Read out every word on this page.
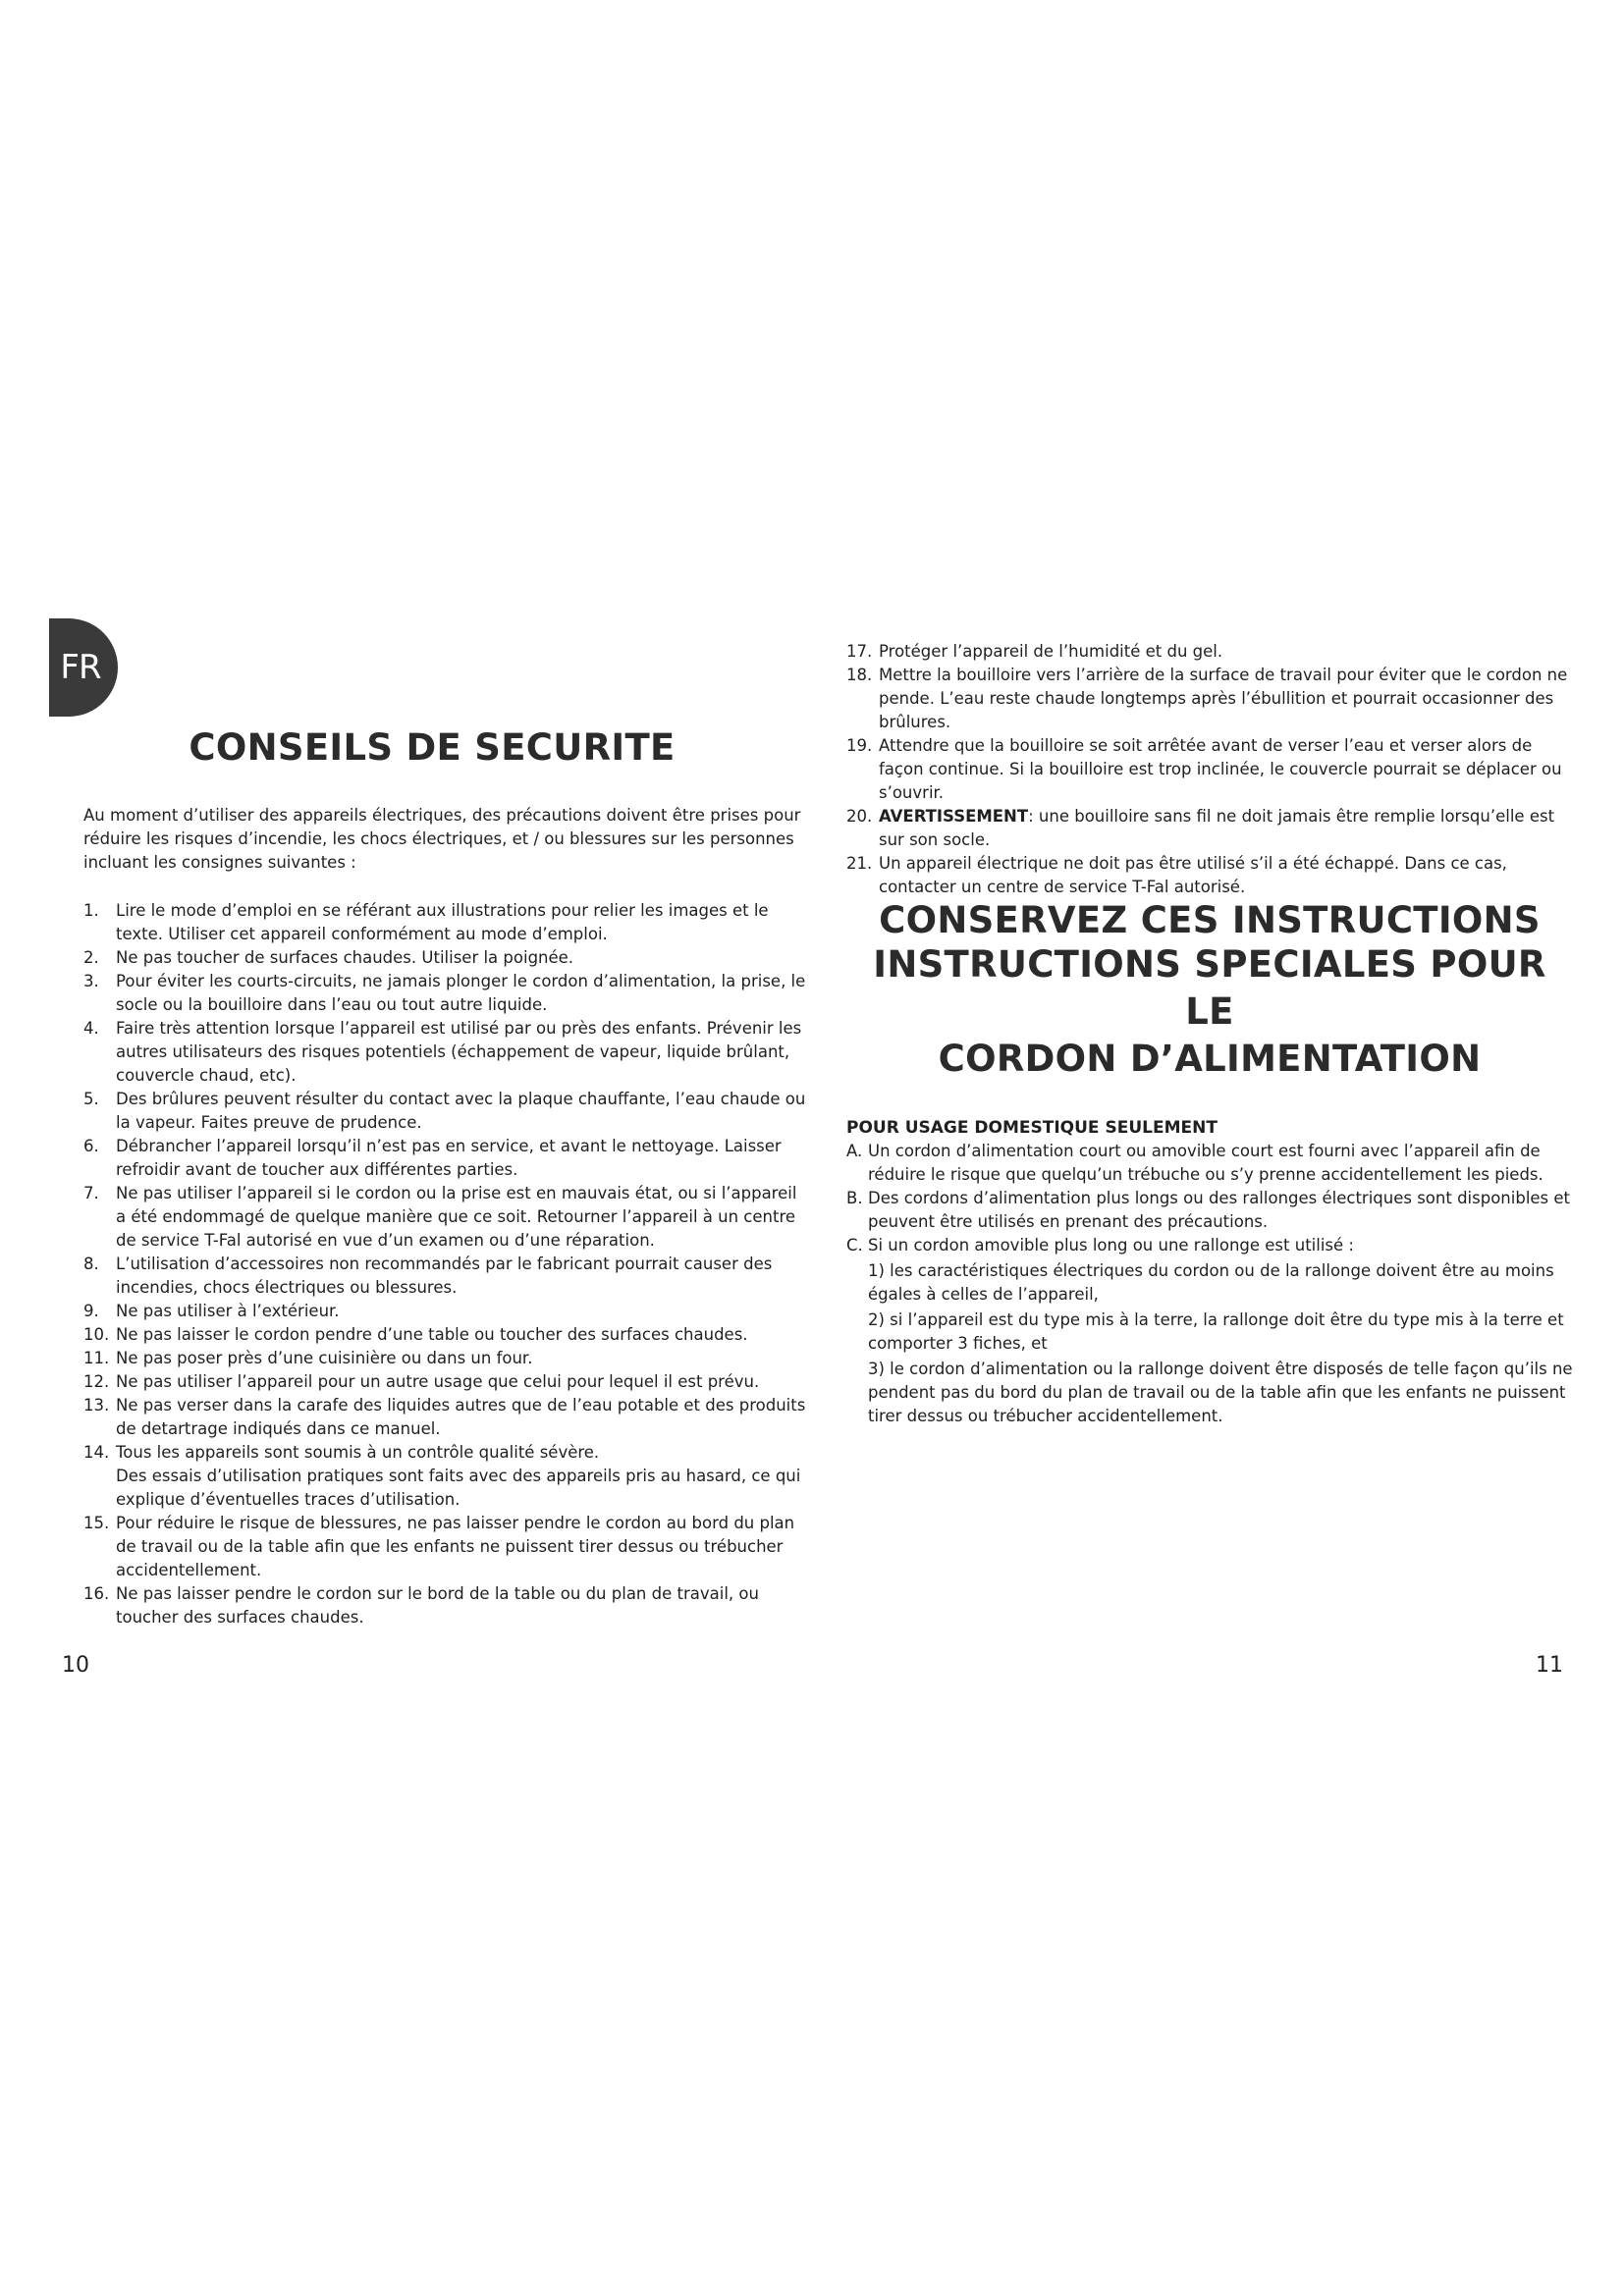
FR
CONSEILS DE SECURITE

Au moment d’utiliser des appareils électriques, des précautions doivent être prises pour réduire les risques d’incendie, les chocs électriques, et / ou blessures sur les personnes incluant les consignes suivantes :

1. Lire le mode d’emploi en se référant aux illustrations pour relier les images et le texte. Utiliser cet appareil conformément au mode d’emploi.
2. Ne pas toucher de surfaces chaudes. Utiliser la poignée.
3. Pour éviter les courts-circuits, ne jamais plonger le cordon d’alimentation, la prise, le socle ou la bouilloire dans l’eau ou tout autre liquide.
4. Faire très attention lorsque l’appareil est utilisé par ou près des enfants. Prévenir les autres utilisateurs des risques potentiels (échappement de vapeur, liquide brûlant, couvercle chaud, etc).
5. Des brûlures peuvent résulter du contact avec la plaque chauffante, l’eau chaude ou la vapeur. Faites preuve de prudence.
6. Débrancher l’appareil lorsqu’il n’est pas en service, et avant le nettoyage. Laisser refroidir avant de toucher aux différentes parties.
7. Ne pas utiliser l’appareil si le cordon ou la prise est en mauvais état, ou si l’appareil a été endommagé de quelque manière que ce soit. Retourner l’appareil à un centre de service T-Fal autorisé en vue d’un examen ou d’une réparation.
8. L’utilisation d’accessoires non recommandés par le fabricant pourrait causer des incendies, chocs électriques ou blessures.
9. Ne pas utiliser à l’extérieur.
10. Ne pas laisser le cordon pendre d’une table ou toucher des surfaces chaudes.
11. Ne pas poser près d’une cuisinière ou dans un four.
12. Ne pas utiliser l’appareil pour un autre usage que celui pour lequel il est prévu.
13. Ne pas verser dans la carafe des liquides autres que de l’eau potable et des produits de detartrage indiqués dans ce manuel.
14. Tous les appareils sont soumis à un contrôle qualité sévère.
Des essais d’utilisation pratiques sont faits avec des appareils pris au hasard, ce qui explique d’éventuelles traces d’utilisation.
15. Pour réduire le risque de blessures, ne pas laisser pendre le cordon au bord du plan de travail ou de la table afin que les enfants ne puissent tirer dessus ou trébucher accidentellement.
16. Ne pas laisser pendre le cordon sur le bord de la table ou du plan de travail, ou toucher des surfaces chaudes.
17. Protéger l’appareil de l’humidité et du gel.
18. Mettre la bouilloire vers l’arrière de la surface de travail pour éviter que le cordon ne pende. L’eau reste chaude longtemps après l’ébullition et pourrait occasionner des brûlures.
19. Attendre que la bouilloire se soit arrêtée avant de verser l’eau et verser alors de façon continue. Si la bouilloire est trop inclinée, le couvercle pourrait se déplacer ou s’ouvrir.
20. AVERTISSEMENT: une bouilloire sans fil ne doit jamais être remplie lorsqu’elle est sur son socle.
21. Un appareil électrique ne doit pas être utilisé s’il a été échappé. Dans ce cas, contacter un centre de service T-Fal autorisé.
CONSERVEZ CES INSTRUCTIONS
INSTRUCTIONS SPECIALES POUR LE
CORDON D’ALIMENTATION
POUR USAGE DOMESTIQUE SEULEMENT
A. Un cordon d’alimentation court ou amovible court est fourni avec l’appareil afin de réduire le risque que quelqu’un trébuche ou s’y prenne accidentellement les pieds.
B. Des cordons d’alimentation plus longs ou des rallonges électriques sont disponibles et peuvent être utilisés en prenant des précautions.
C. Si un cordon amovible plus long ou une rallonge est utilisé :
1) les caractéristiques électriques du cordon ou de la rallonge doivent être au moins égales à celles de l’appareil,
2) si l’appareil est du type mis à la terre, la rallonge doit être du type mis à la terre et comporter 3 fiches, et
3) le cordon d’alimentation ou la rallonge doivent être disposés de telle façon qu’ils ne pendent pas du bord du plan de travail ou de la table afin que les enfants ne puissent tirer dessus ou trébucher accidentellement.
10	11
